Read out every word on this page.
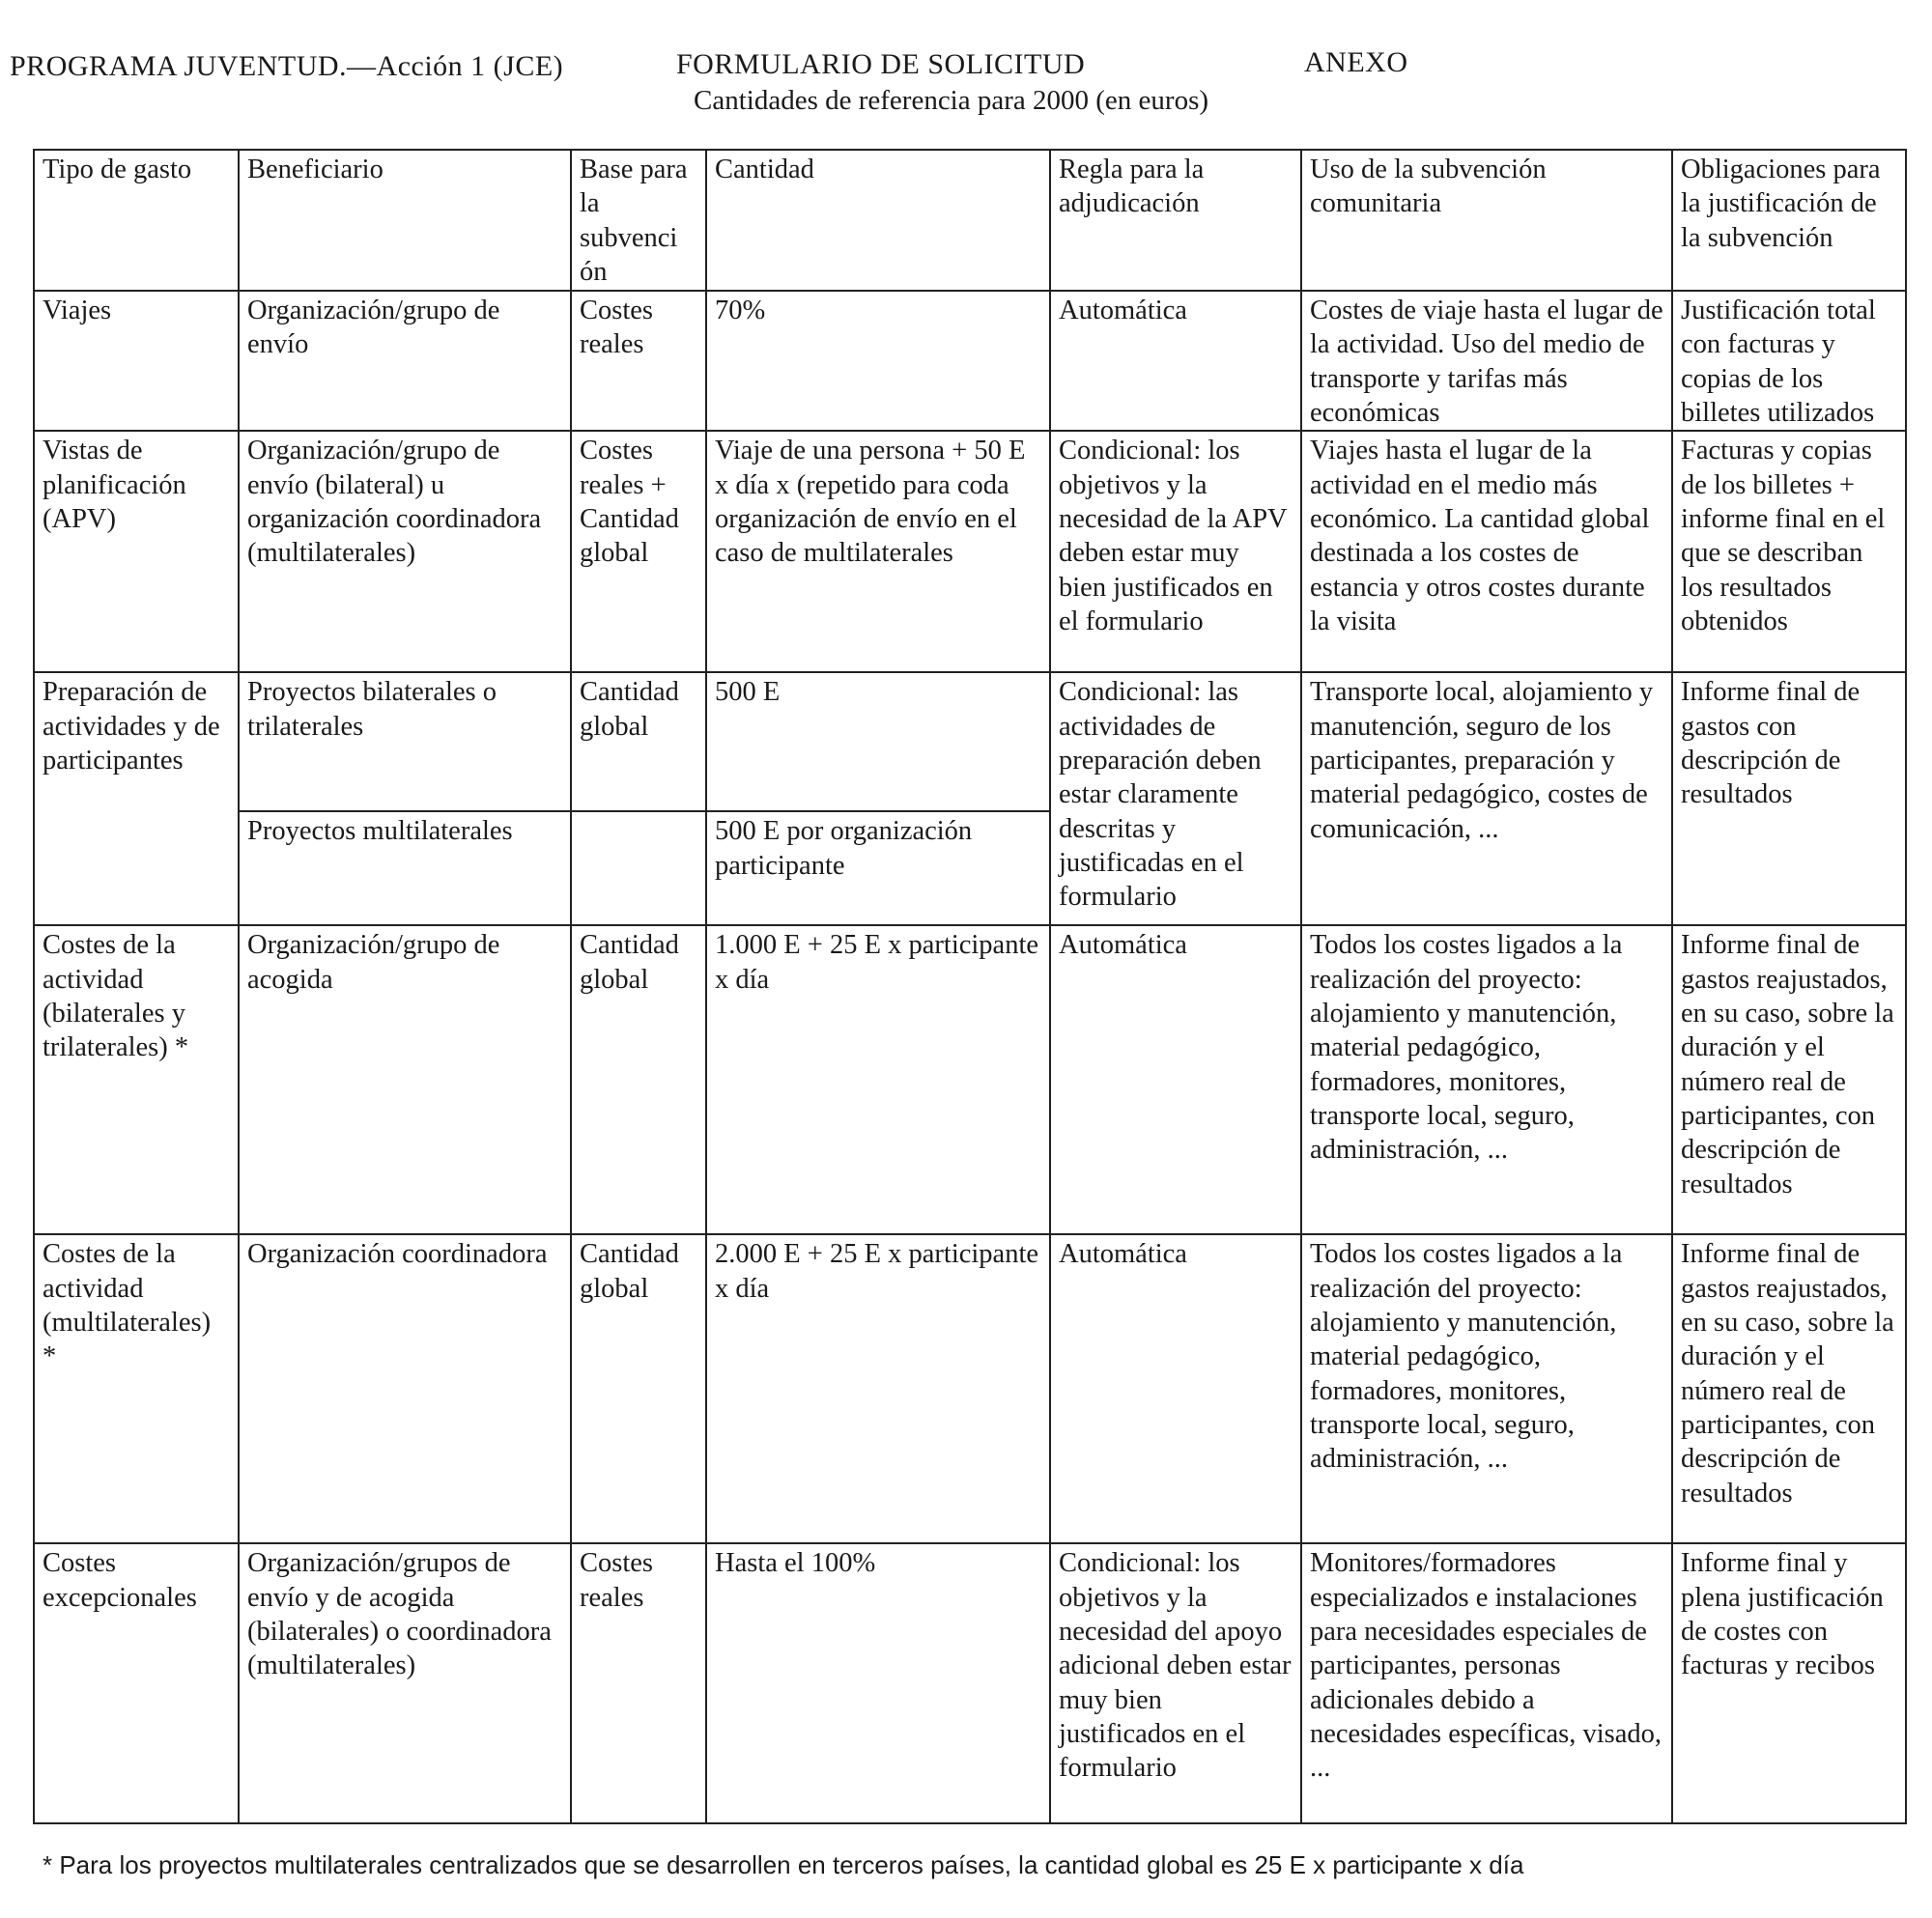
PROGRAMA JUVENTUD.—Acción 1 (JCE)	FORMULARIO DE SOLICITUD	ANEXO
Cantidades de referencia para 2000 (en euros)
Tipo de gasto	Beneficiario	Base para la subvenci ón	Cantidad	Regla para la adjudicación	Uso de la subvención comunitaria	Obligaciones para la justificación de la subvención
Viajes	Organización/grupo de envío	Costes reales	70%	Automática	Costes de viaje hasta el lugar de la actividad. Uso del medio de transporte y tarifas más económicas	Justificación total con facturas y copias de los billetes utilizados
Vistas de planificación (APV)	Organización/grupo de envío (bilateral) u organización coordinadora (multilaterales)	Costes reales + Cantidad global	Viaje de una persona + 50 E x día x (repetido para coda organización de envío en el caso de multilaterales	Condicional: los objetivos y la necesidad de la APV deben estar muy bien justificados en el formulario	Viajes hasta el lugar de la actividad en el medio más económico. La cantidad global destinada a los costes de estancia y otros costes durante la visita	Facturas y copias de los billetes + informe final en el que se describan los resultados obtenidos
Preparación de actividades y de participantes	Proyectos bilaterales o trilaterales	Cantidad global	500 E	Condicional: las actividades de preparación deben estar claramente descritas y justificadas en el formulario	Transporte local, alojamiento y manutención, seguro de los participantes, preparación y material pedagógico, costes de comunicación, ...	Informe final de gastos con descripción de resultados
	Proyectos multilaterales		500 E por organización participante			
Costes de la actividad (bilaterales y trilaterales) *	Organización/grupo de acogida	Cantidad global	1.000 E + 25 E x participante x día	Automática	Todos los costes ligados a la realización del proyecto: alojamiento y manutención, material pedagógico, formadores, monitores, transporte local, seguro, administración, ...	Informe final de gastos reajustados, en su caso, sobre la duración y el número real de participantes, con descripción de resultados
Costes de la actividad (multilaterales) *	Organización coordinadora	Cantidad global	2.000 E + 25 E x participante x día	Automática	Todos los costes ligados a la realización del proyecto: alojamiento y manutención, material pedagógico, formadores, monitores, transporte local, seguro, administración, ...	Informe final de gastos reajustados, en su caso, sobre la duración y el número real de participantes, con descripción de resultados
Costes excepcionales	Organización/grupos de envío y de acogida (bilaterales) o coordinadora (multilaterales)	Costes reales	Hasta el 100%	Condicional: los objetivos y la necesidad del apoyo adicional deben estar muy bien justificados en el formulario	Monitores/formadores especializados e instalaciones para necesidades especiales de participantes, personas adicionales debido a necesidades específicas, visado, ...	Informe final y plena justificación de costes con facturas y recibos
* Para los proyectos multilaterales centralizados que se desarrollen en terceros países, la cantidad global es 25 E x participante x día
